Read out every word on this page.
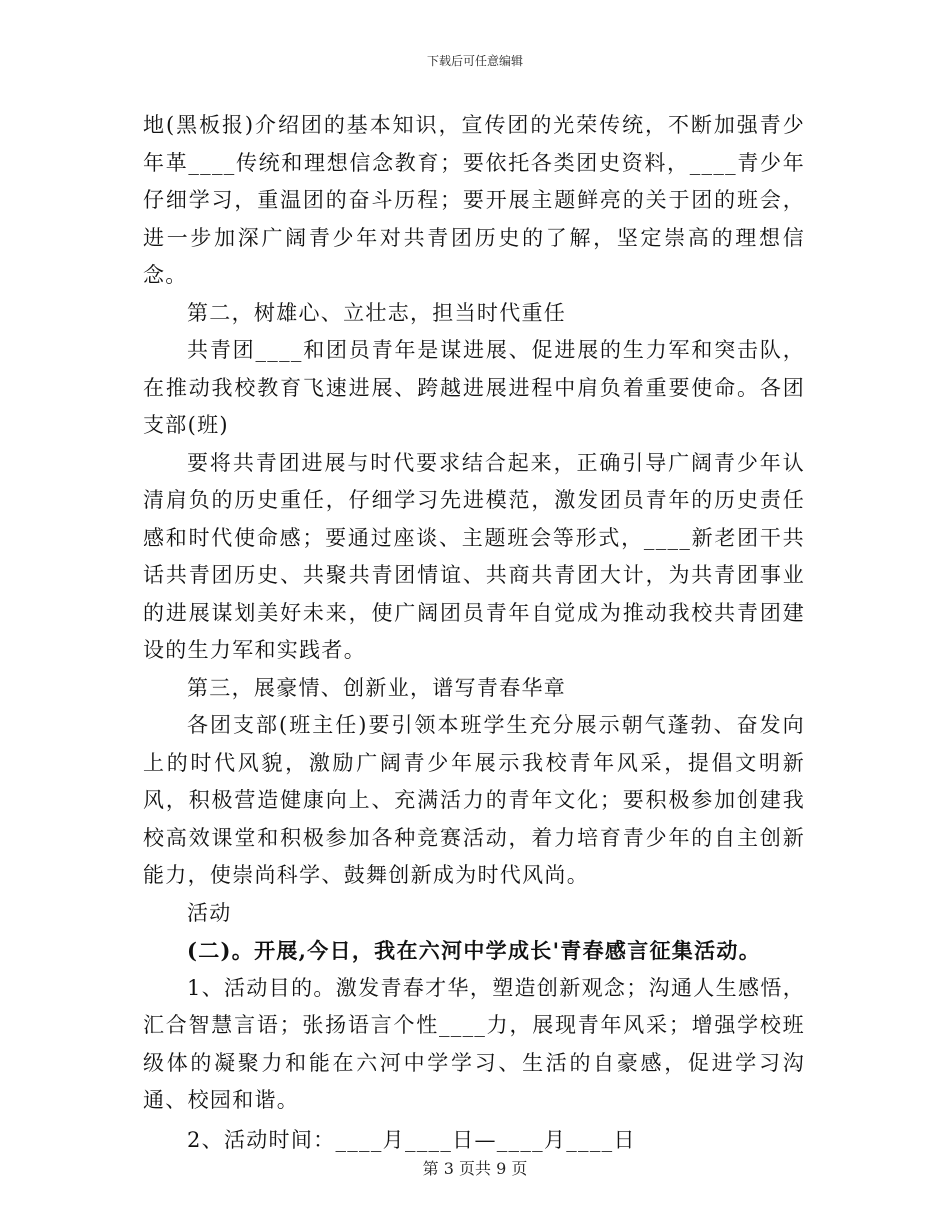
下载后可任意编辑

地(黑板报)介绍团的基本知识，宣传团的光荣传统，不断加强青少年革____传统和理想信念教育；要依托各类团史资料，____青少年仔细学习，重温团的奋斗历程；要开展主题鲜亮的关于团的班会，进一步加深广阔青少年对共青团历史的了解，坚定崇高的理想信念。

第二，树雄心、立壮志，担当时代重任

共青团____和团员青年是谋进展、促进展的生力军和突击队，在推动我校教育飞速进展、跨越进展进程中肩负着重要使命。各团支部(班)

要将共青团进展与时代要求结合起来，正确引导广阔青少年认清肩负的历史重任，仔细学习先进模范，激发团员青年的历史责任感和时代使命感；要通过座谈、主题班会等形式，____新老团干共话共青团历史、共聚共青团情谊、共商共青团大计，为共青团事业的进展谋划美好未来，使广阔团员青年自觉成为推动我校共青团建设的生力军和实践者。

第三，展豪情、创新业，谱写青春华章

各团支部(班主任)要引领本班学生充分展示朝气蓬勃、奋发向上的时代风貌，激励广阔青少年展示我校青年风采，提倡文明新风，积极营造健康向上、充满活力的青年文化；要积极参加创建我校高效课堂和积极参加各种竞赛活动，着力培育青少年的自主创新能力，使崇尚科学、鼓舞创新成为时代风尚。

活动

(二)。开展,今日，我在六河中学成长'青春感言征集活动。

1、活动目的。激发青春才华，塑造创新观念；沟通人生感悟，汇合智慧言语；张扬语言个性____力，展现青年风采；增强学校班级体的凝聚力和能在六河中学学习、生活的自豪感，促进学习沟通、校园和谐。

2、活动时间：____月____日—____月____日

第 3 页共 9 页
